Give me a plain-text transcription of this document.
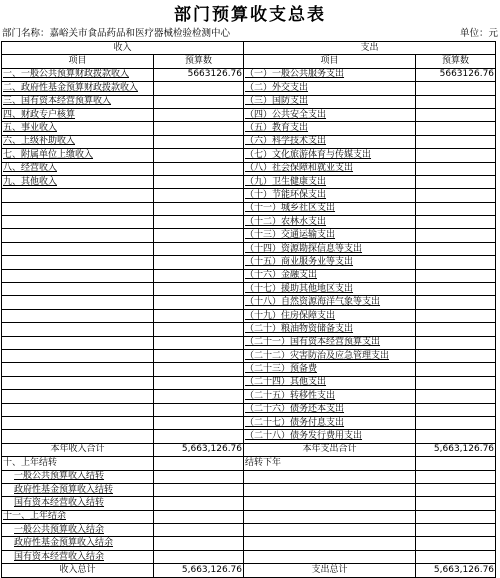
部门预算收支总表
部门名称：嘉峪关市食品药品和医疗器械检验检测中心	单位：元
收入		支出	
项目	预算数	项目	预算数
一、一般公共预算财政拨款收入	5663126.76	（一）一般公共服务支出	5663126.76
二、政府性基金预算财政拨款收入		（二）外交支出	
三、国有资本经营预算收入		（三）国防支出	
四、财政专户核算		（四）公共安全支出	
五、事业收入		（五）教育支出	
六、上级补助收入		（六）科学技术支出	
七、附属单位上缴收入		（七）文化旅游体育与传媒支出	
八、经营收入		（八）社会保障和就业支出	
九、其他收入		（九）卫生健康支出	
		（十）节能环保支出	
		（十一）城乡社区支出	
		（十二）农林水支出	
		（十三）交通运输支出	
		（十四）资源勘探信息等支出	
		（十五）商业服务业等支出	
		（十六）金融支出	
		（十七）援助其他地区支出	
		（十八）自然资源海洋气象等支出	
		（十九）住房保障支出	
		（二十）粮油物资储备支出	
		（二十一）国有资本经营预算支出	
		（二十二）灾害防治及应急管理支出	
		（二十三）预备费	
		（二十四）其他支出	
		（二十五）转移性支出	
		（二十六）债务还本支出	
		（二十七）债务付息支出	
		（二十八）债务发行费用支出	
本年收入合计	5,663,126.76	本年支出合计	5,663,126.76
十、上年结转		结转下年	
一般公共预算收入结转			
政府性基金预算收入结转			
国有资本经营收入结转			
十一、上年结余			
一般公共预算收入结余			
政府性基金预算收入结余			
国有资本经营收入结余			
收入总计	5,663,126.76	支出总计	5,663,126.76
